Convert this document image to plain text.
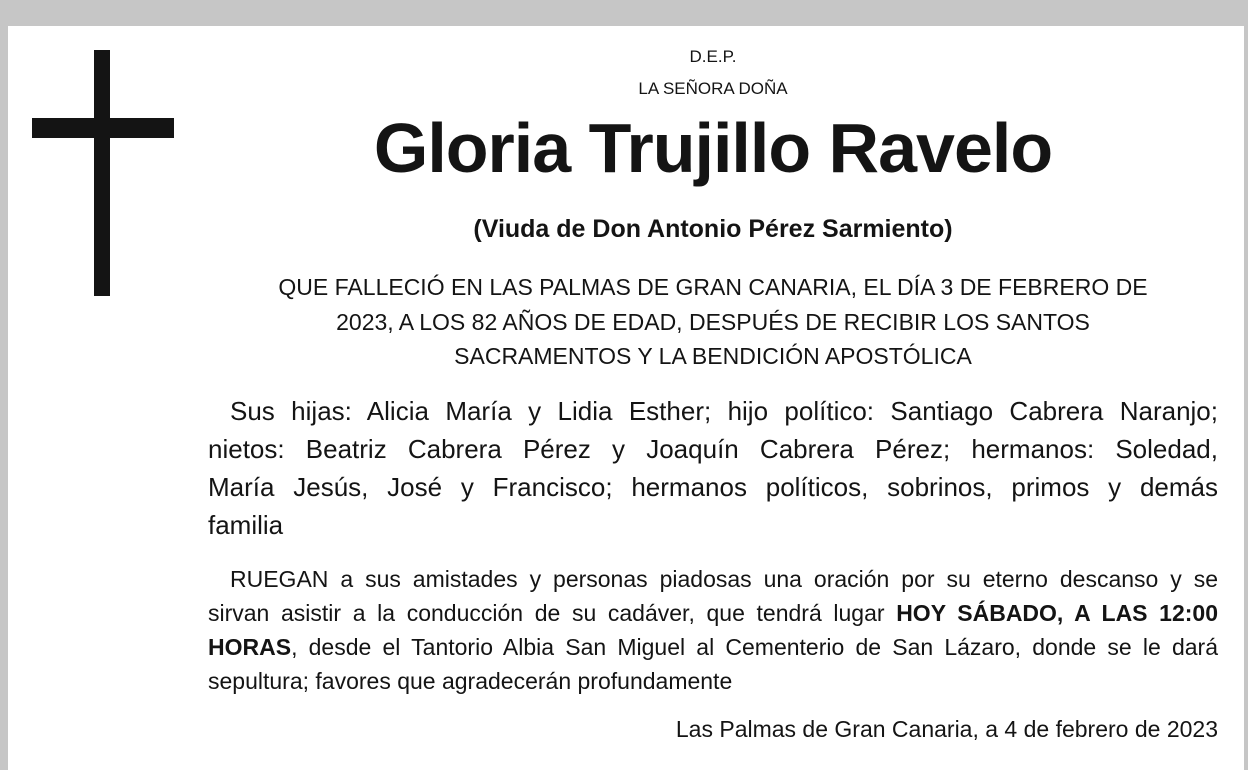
D.E.P.

LA SEÑORA DOÑA

Gloria Trujillo Ravelo

(Viuda de Don Antonio Pérez Sarmiento)

QUE FALLECIÓ EN LAS PALMAS DE GRAN CANARIA, EL DÍA 3 DE FEBRERO DE
2023, A LOS 82 AÑOS DE EDAD, DESPUÉS DE RECIBIR LOS SANTOS
SACRAMENTOS Y LA BENDICIÓN APOSTÓLICA
Sus hijas: Alicia María y Lidia Esther; hijo político: Santiago Cabrera Naranjo;
nietos: Beatriz Cabrera Pérez y Joaquín Cabrera Pérez; hermanos: Soledad,
María Jesús, José y Francisco; hermanos políticos, sobrinos, primos y demás
familia
RUEGAN a sus amistades y personas piadosas una oración por su eterno descanso y se
sirvan asistir a la conducción de su cadáver, que tendrá lugar HOY SÁBADO, A LAS 12:00
HORAS, desde el Tantorio Albia San Miguel al Cementerio de San Lázaro, donde se le dará
sepultura; favores que agradecerán profundamente

Las Palmas de Gran Canaria, a 4 de febrero de 2023
